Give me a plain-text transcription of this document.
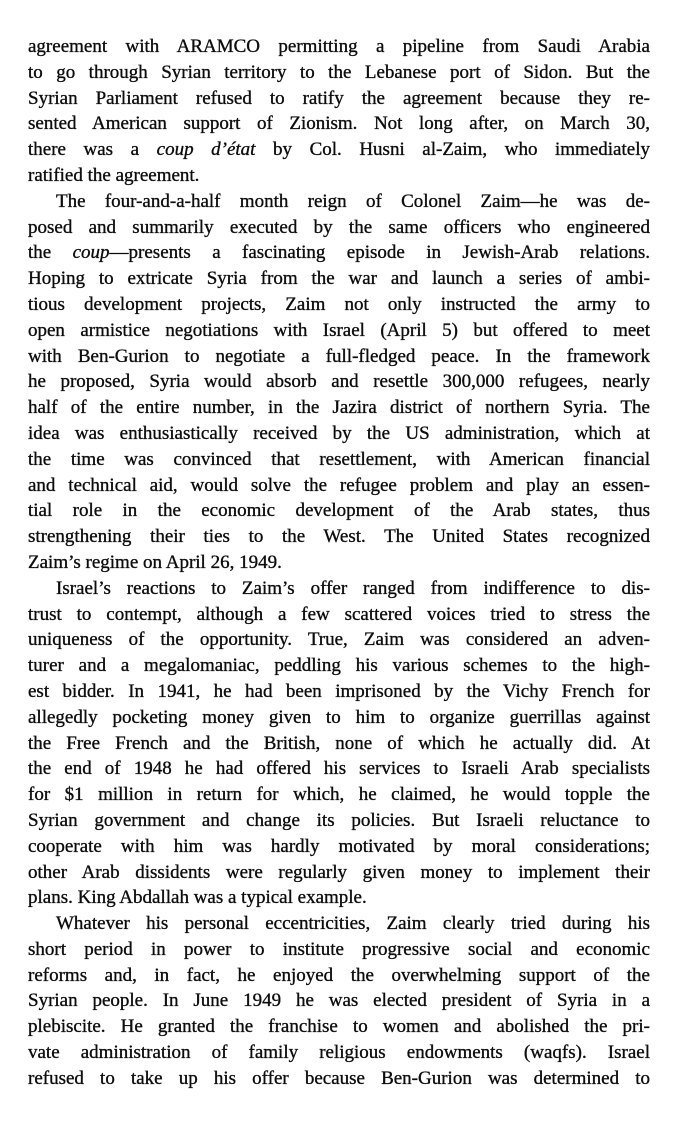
agreement with ARAMCO permitting a pipeline from Saudi Arabia
to go through Syrian territory to the Lebanese port of Sidon. But the
Syrian Parliament refused to ratify the agreement because they re-
sented American support of Zionism. Not long after, on March 30,
there was a coup d’état by Col. Husni al-Zaim, who immediately
ratified the agreement.
The four-and-a-half month reign of Colonel Zaim—he was de-
posed and summarily executed by the same officers who engineered
the coup—presents a fascinating episode in Jewish-Arab relations.
Hoping to extricate Syria from the war and launch a series of ambi-
tious development projects, Zaim not only instructed the army to
open armistice negotiations with Israel (April 5) but offered to meet
with Ben-Gurion to negotiate a full-fledged peace. In the framework
he proposed, Syria would absorb and resettle 300,000 refugees, nearly
half of the entire number, in the Jazira district of northern Syria. The
idea was enthusiastically received by the US administration, which at
the time was convinced that resettlement, with American financial
and technical aid, would solve the refugee problem and play an essen-
tial role in the economic development of the Arab states, thus
strengthening their ties to the West. The United States recognized
Zaim’s regime on April 26, 1949.
Israel’s reactions to Zaim’s offer ranged from indifference to dis-
trust to contempt, although a few scattered voices tried to stress the
uniqueness of the opportunity. True, Zaim was considered an adven-
turer and a megalomaniac, peddling his various schemes to the high-
est bidder. In 1941, he had been imprisoned by the Vichy French for
allegedly pocketing money given to him to organize guerrillas against
the Free French and the British, none of which he actually did. At
the end of 1948 he had offered his services to Israeli Arab specialists
for $1 million in return for which, he claimed, he would topple the
Syrian government and change its policies. But Israeli reluctance to
cooperate with him was hardly motivated by moral considerations;
other Arab dissidents were regularly given money to implement their
plans. King Abdallah was a typical example.
Whatever his personal eccentricities, Zaim clearly tried during his
short period in power to institute progressive social and economic
reforms and, in fact, he enjoyed the overwhelming support of the
Syrian people. In June 1949 he was elected president of Syria in a
plebiscite. He granted the franchise to women and abolished the pri-
vate administration of family religious endowments (waqfs). Israel
refused to take up his offer because Ben-Gurion was determined to
